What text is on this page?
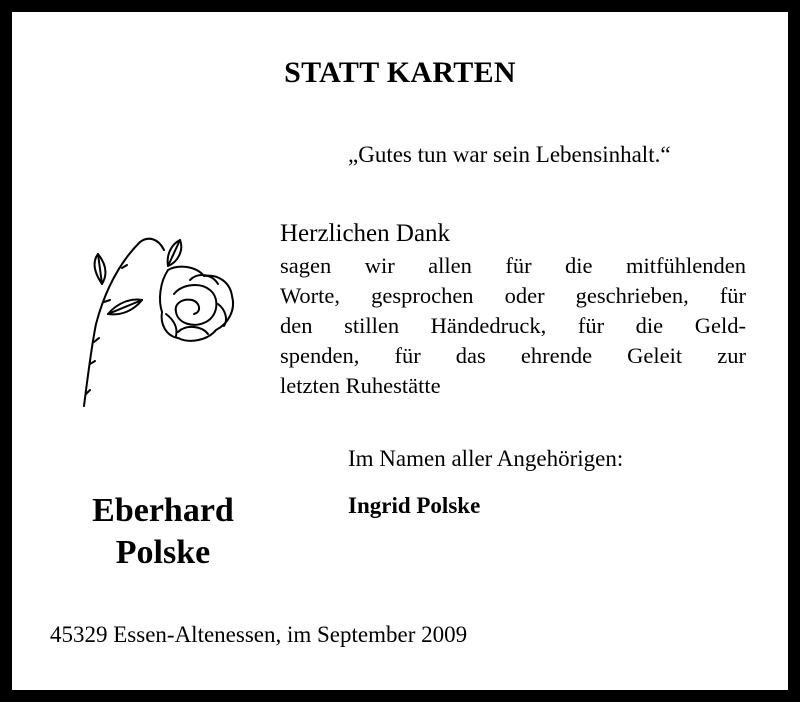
STATT KARTEN
„Gutes tun war sein Lebensinhalt.“
Herzlichen Dank
sagen wir allen für die mitfühlenden
Worte, gesprochen oder geschrieben, für
den stillen Händedruck, für die Geld-
spenden, für das ehrende Geleit zur
letzten Ruhestätte
Im Namen aller Angehörigen:
Ingrid Polske
Eberhard
Polske
45329 Essen-Altenessen, im September 2009
